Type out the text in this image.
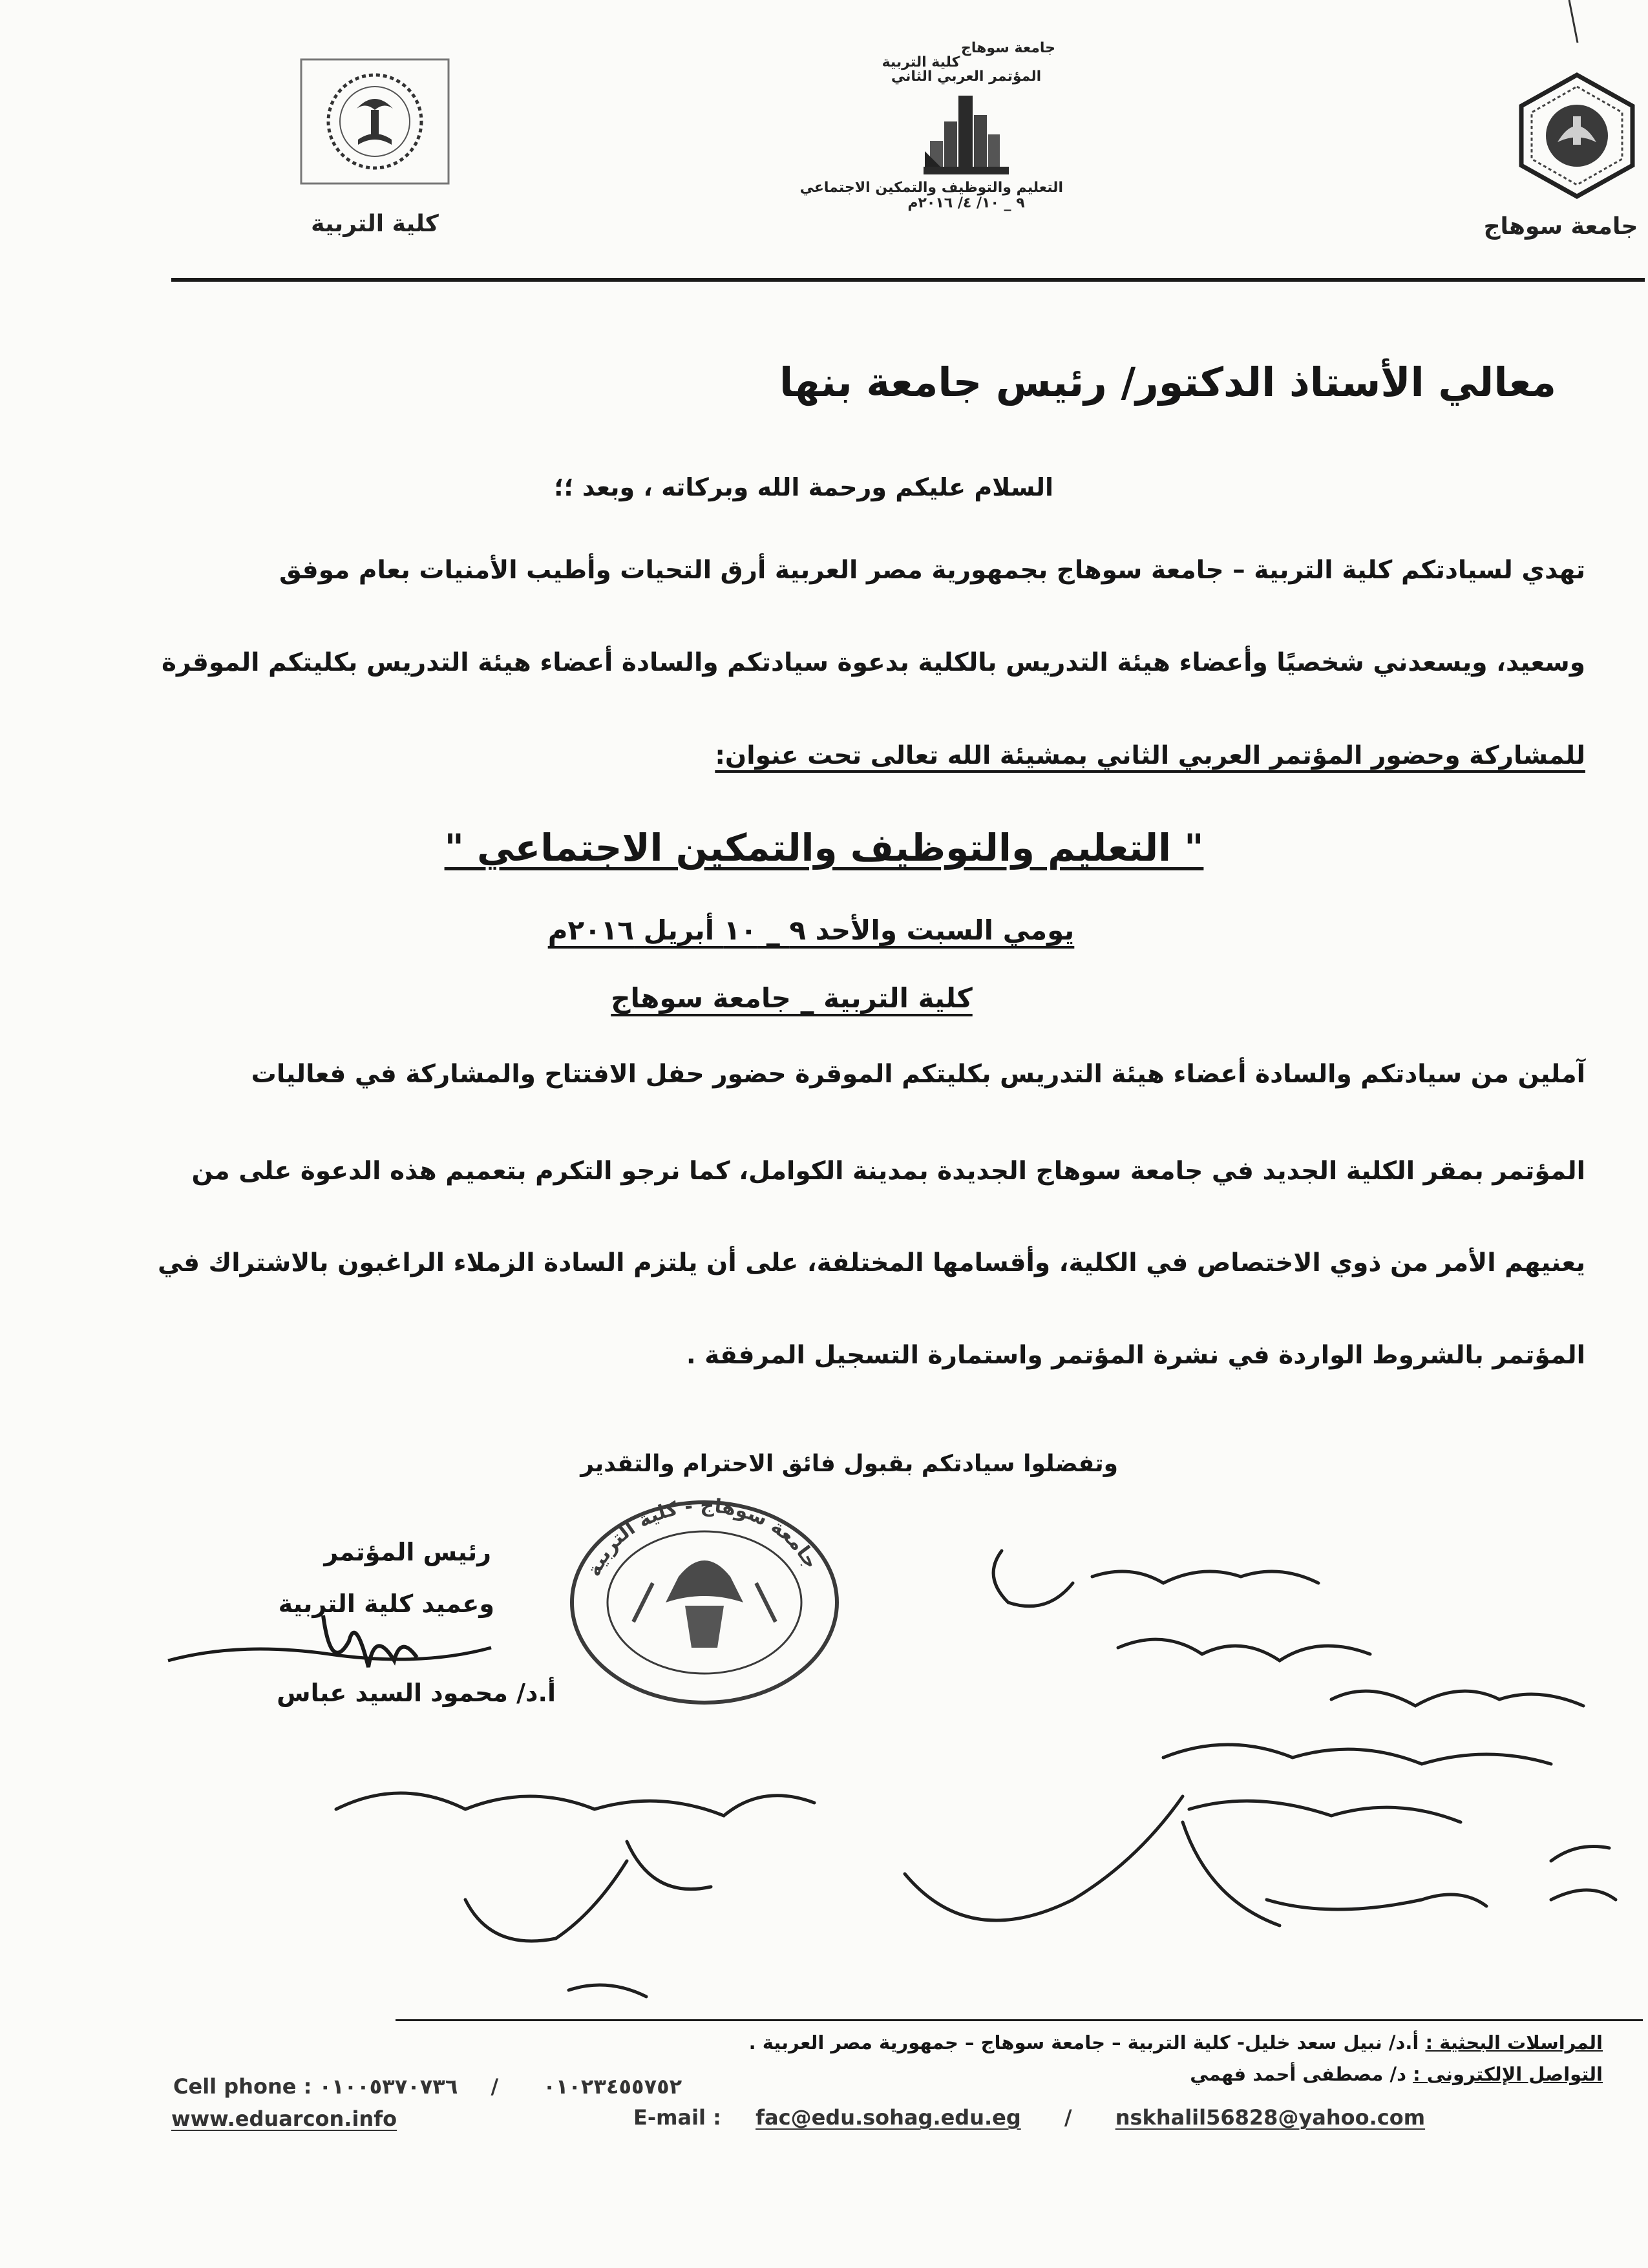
كلية التربية
جامعة سوهاج
كلية التربية
المؤتمر العربي الثاني
التعليم والتوظيف والتمكين الاجتماعي
٩ _ ١٠/ ٤/ ٢٠١٦م
جامعة سوهاج
معالي الأستاذ الدكتور/ رئيس جامعة بنها
السلام عليكم ورحمة الله وبركاته ، وبعد ؛؛
تهدي لسيادتكم كلية التربية – جامعة سوهاج بجمهورية مصر العربية أرق التحيات وأطيب الأمنيات بعام موفق
وسعيد، ويسعدني شخصيًا وأعضاء هيئة التدريس بالكلية بدعوة سيادتكم والسادة أعضاء هيئة التدريس بكليتكم الموقرة
للمشاركة وحضور المؤتمر العربي الثاني بمشيئة الله تعالى تحت عنوان:
" التعليم والتوظيف والتمكين الاجتماعي "
يومي السبت والأحد ٩ _ ١٠ أبريل ٢٠١٦م
كلية التربية _ جامعة سوهاج
آملين من سيادتكم والسادة أعضاء هيئة التدريس بكليتكم الموقرة حضور حفل الافتتاح والمشاركة في فعاليات
المؤتمر بمقر الكلية الجديد في جامعة سوهاج الجديدة بمدينة الكوامل، كما نرجو التكرم بتعميم هذه الدعوة على من
يعنيهم الأمر من ذوي الاختصاص في الكلية، وأقسامها المختلفة، على أن يلتزم السادة الزملاء الراغبون بالاشتراك في
المؤتمر بالشروط الواردة في نشرة المؤتمر واستمارة التسجيل المرفقة .
وتفضلوا سيادتكم بقبول فائق الاحترام والتقدير
رئيس المؤتمر
وعميد كلية التربية
أ.د/ محمود السيد عباس
جامعة سوهاج - كلية التربية
المراسلات البحثية : أ.د/ نبيل سعد خليل- كلية التربية – جامعة سوهاج – جمهورية مصر العربية .
التواصل الإلكترونى : د/ مصطفى أحمد فهمي
Cell phone :	٠١٠٢٣٤٥٥٧٥٢ / ٠١٠٠٥٣٧٠٧٣٦
www.eduarcon.info	E-mail : fac@edu.sohag.edu.eg / nskhalil56828@yahoo.com
